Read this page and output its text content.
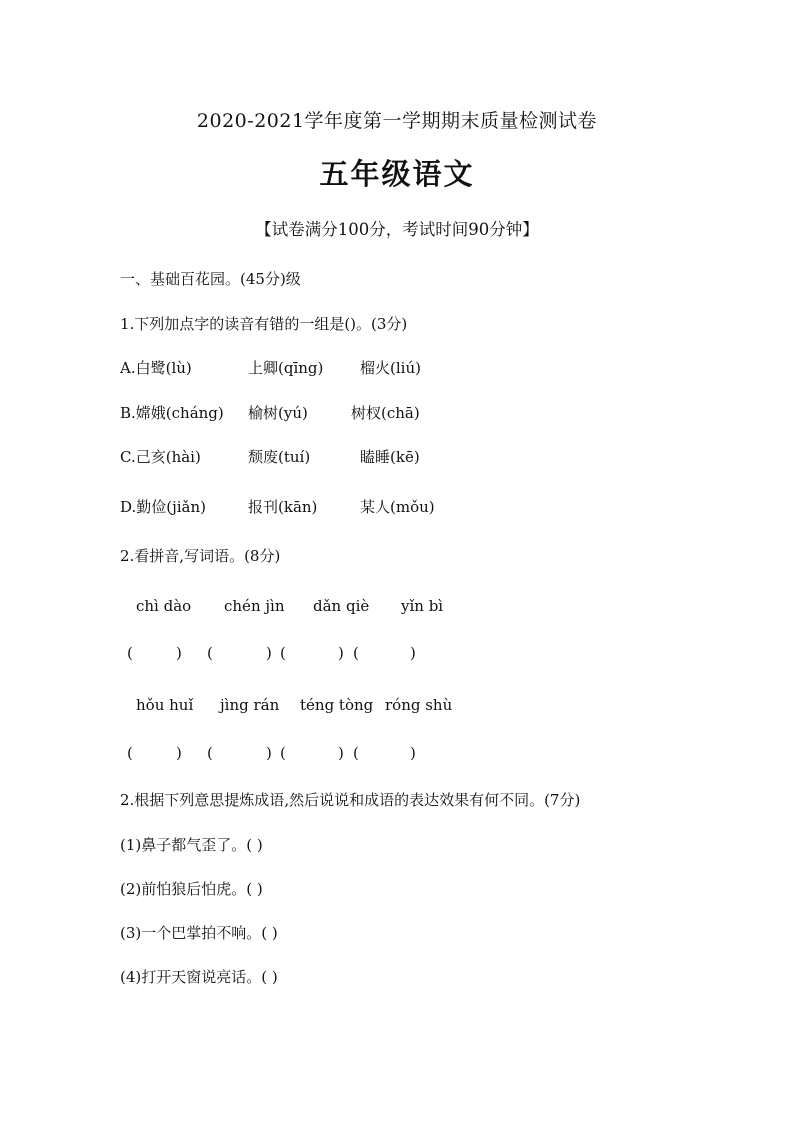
2020-2021学年度第一学期期末质量检测试卷
五年级语文
【试卷满分100分，考试时间90分钟】
一、基础百花园。(45分)级
1.下列加点字的读音有错的一组是()。(3分)
A.白鹭(lù)	上卿(qīng) 榴火(liú)
B.嫦娥(cháng) 榆树(yú)	树杈(chā)
C.己亥(hài)	颓废(tuí)	瞌睡(kē)
D.勤俭(jiǎn)	报刊(kān)	某人(mǒu)
2.看拼音,写词语。(8分)
chì dào chén jìn dǎn qiè yǐn bì
(	) (	) (	) (	)
hǒu huǐ jìng rán téng tòng róng shù
(	) (	) (	) (	)
2.根据下列意思提炼成语,然后说说和成语的表达效果有何不同。(7分)
(1)鼻子都气歪了。( )
(2)前怕狼后怕虎。( )
(3)一个巴掌拍不响。( )
(4)打开天窗说亮话。( )
